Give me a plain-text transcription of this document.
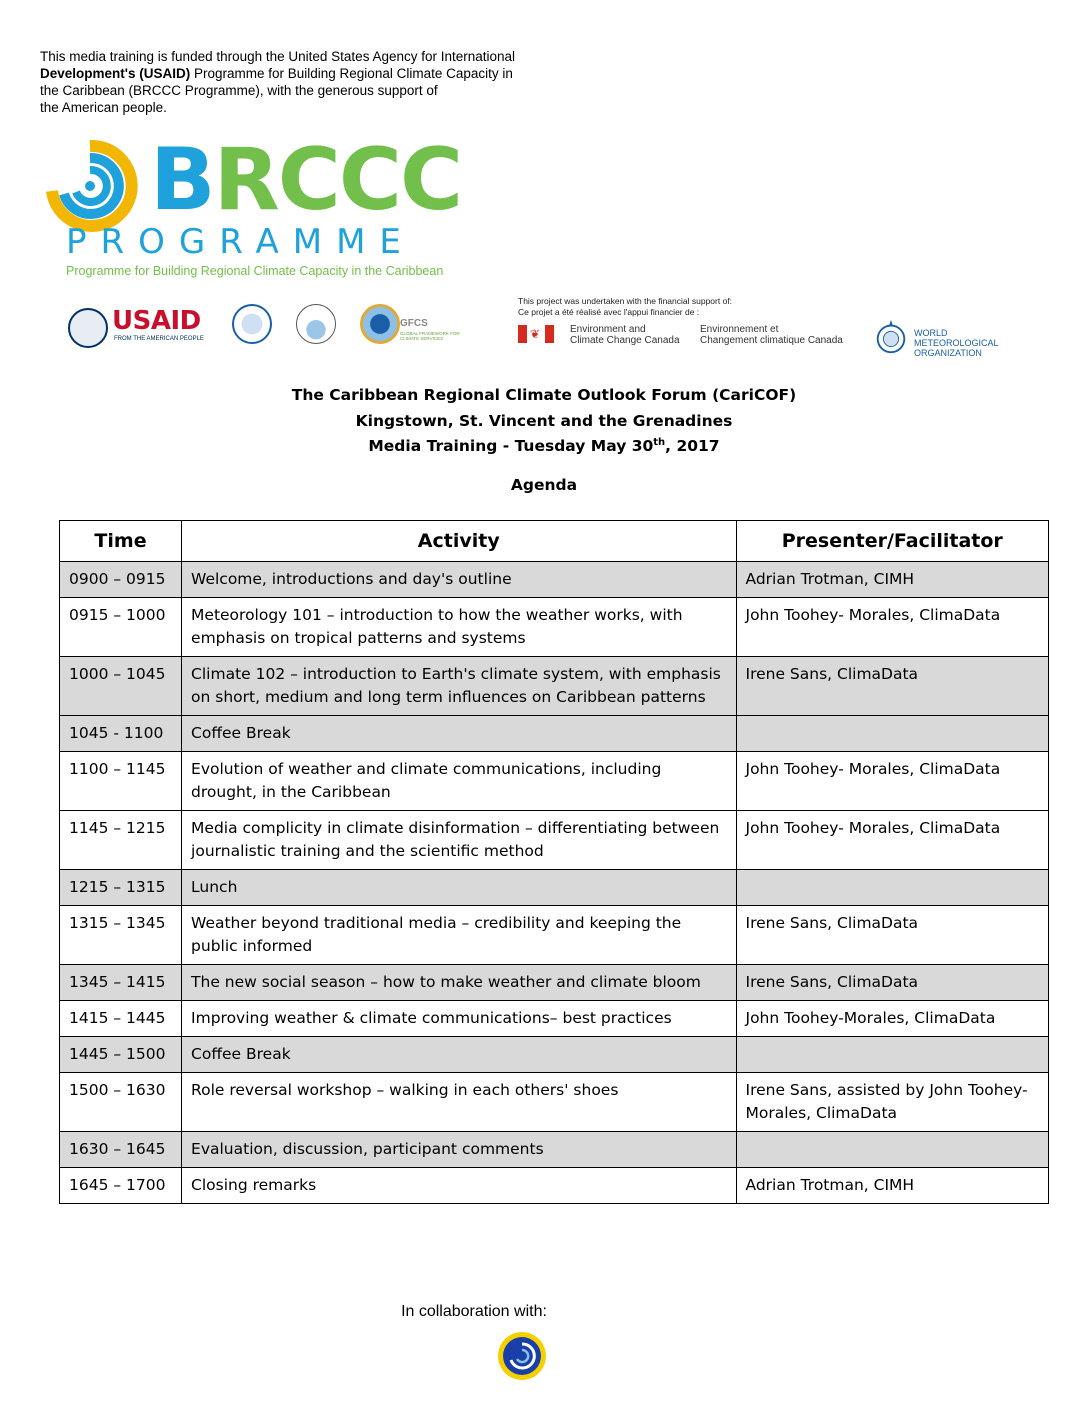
This media training is funded through the United States Agency for International
Development's (USAID) Programme for Building Regional Climate Capacity in
the Caribbean (BRCCC Programme), with the generous support of
the American people.
BRCCC
PROGRAMME
Programme for Building Regional Climate Capacity in the Caribbean
USAID
FROM THE AMERICAN PEOPLE
GFCS
GLOBAL FRAMEWORK FOR CLIMATE SERVICES
This project was undertaken with the financial support of:
Ce projet a été réalisé avec l'appui financier de :
❦
Environment and
Climate Change Canada
Environnement et
Changement climatique Canada
WORLD
METEOROLOGICAL
ORGANIZATION
The Caribbean Regional Climate Outlook Forum (CariCOF)
Kingstown, St. Vincent and the Grenadines
Media Training - Tuesday May 30th, 2017
Agenda
Time	Activity	Presenter/Facilitator
0900 – 0915	Welcome, introductions and day's outline	Adrian Trotman, CIMH
0915 – 1000	Meteorology 101 – introduction to how the weather works, with emphasis on tropical patterns and systems	John Toohey- Morales, ClimaData
1000 – 1045	Climate 102 – introduction to Earth's climate system, with emphasis on short, medium and long term influences on Caribbean patterns	Irene Sans, ClimaData
1045 - 1100	Coffee Break	
1100 – 1145	Evolution of weather and climate communications, including drought, in the Caribbean	John Toohey- Morales, ClimaData
1145 – 1215	Media complicity in climate disinformation – differentiating between journalistic training and the scientific method	John Toohey- Morales, ClimaData
1215 – 1315	Lunch	
1315 – 1345	Weather beyond traditional media – credibility and keeping the public informed	Irene Sans, ClimaData
1345 – 1415	The new social season – how to make weather and climate bloom	Irene Sans, ClimaData
1415 – 1445	Improving weather & climate communications– best practices	John Toohey-Morales, ClimaData
1445 – 1500	Coffee Break	
1500 – 1630	Role reversal workshop – walking in each others' shoes	Irene Sans, assisted by John Toohey-Morales, ClimaData
1630 – 1645	Evaluation, discussion, participant comments	
1645 – 1700	Closing remarks	Adrian Trotman, CIMH
In collaboration with:
